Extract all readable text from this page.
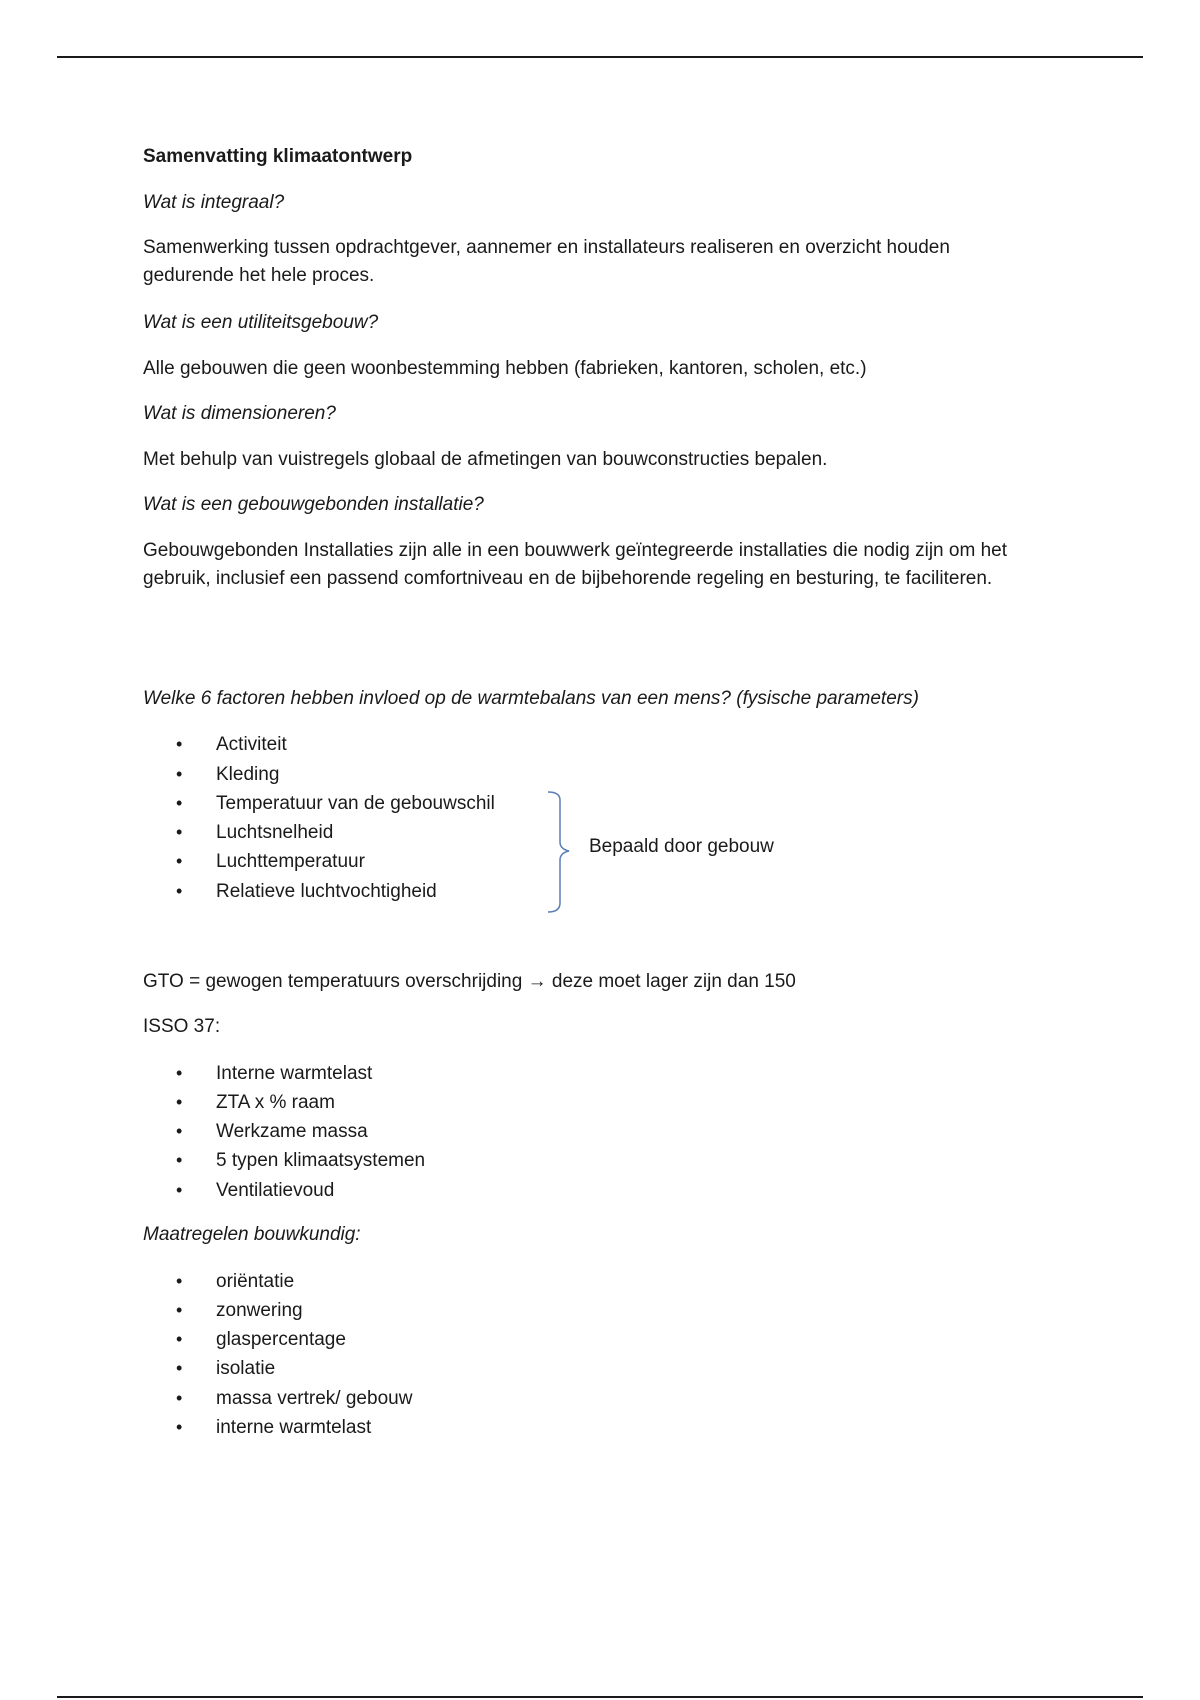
Samenvatting klimaatontwerp

Wat is integraal?

Samenwerking tussen opdrachtgever, aannemer en installateurs realiseren en overzicht houden gedurende het hele proces.

Wat is een utiliteitsgebouw?

Alle gebouwen die geen woonbestemming hebben (fabrieken, kantoren, scholen, etc.)

Wat is dimensioneren?

Met behulp van vuistregels globaal de afmetingen van bouwconstructies bepalen.

Wat is een gebouwgebonden installatie?

Gebouwgebonden Installaties zijn alle in een bouwwerk geïntegreerde installaties die nodig zijn om het gebruik, inclusief een passend comfortniveau en de bijbehorende regeling en besturing, te faciliteren.

Welke 6 factoren hebben invloed op de warmtebalans van een mens? (fysische parameters)

• Activiteit
• Kleding
• Temperatuur van de gebouwschil
• Luchtsnelheid
• Luchttemperatuur
• Relatieve luchtvochtigheid
Bepaald door gebouw

GTO = gewogen temperatuurs overschrijding → deze moet lager zijn dan 150

ISSO 37:

• Interne warmtelast
• ZTA x % raam
• Werkzame massa
• 5 typen klimaatsystemen
• Ventilatievoud

Maatregelen bouwkundig:

• oriëntatie
• zonwering
• glaspercentage
• isolatie
• massa vertrek/ gebouw
• interne warmtelast
